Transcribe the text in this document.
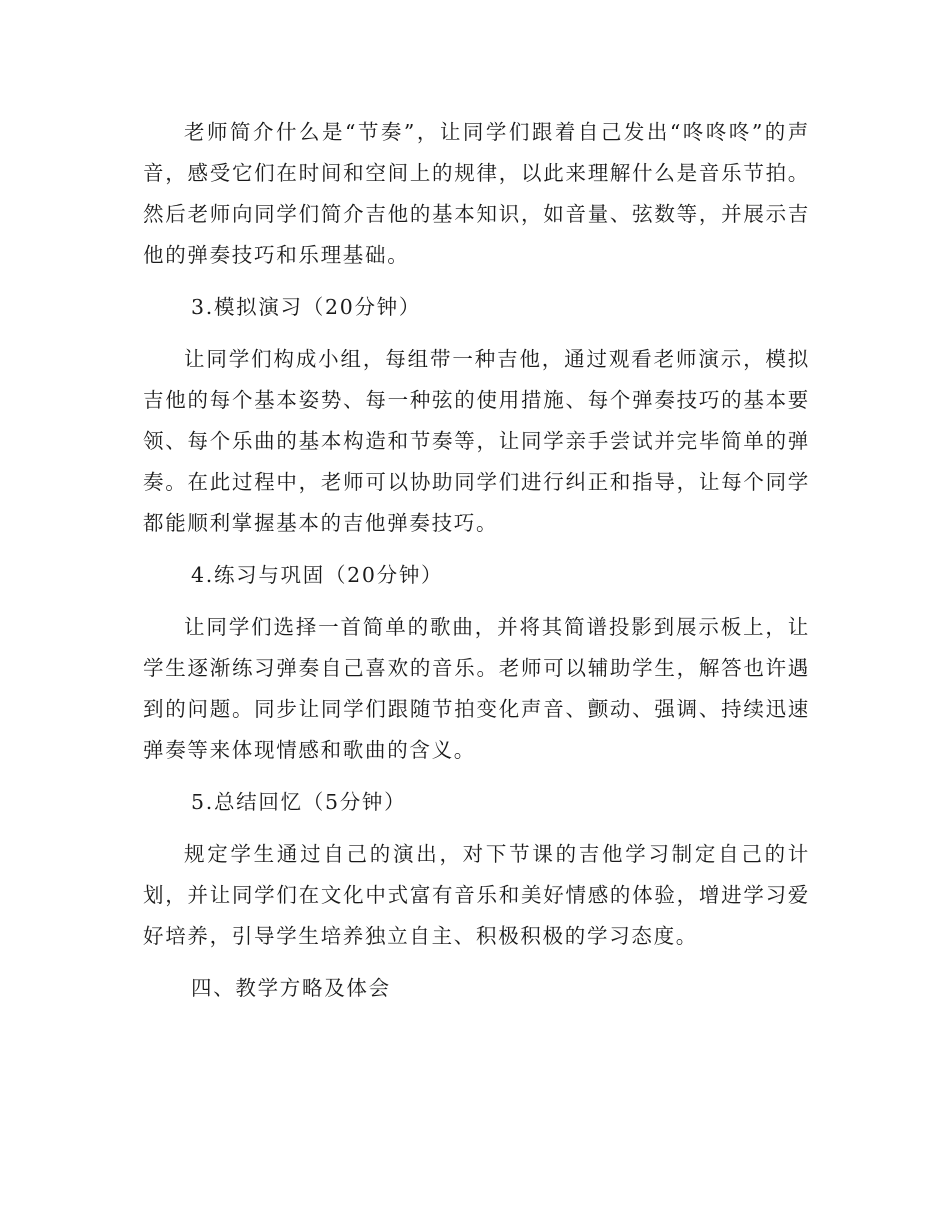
老师简介什么是“节奏”，让同学们跟着自己发出“咚咚咚”的声音，感受它们在时间和空间上的规律，以此来理解什么是音乐节拍。然后老师向同学们简介吉他的基本知识，如音量、弦数等，并展示吉他的弹奏技巧和乐理基础。

3.模拟演习（20分钟）

让同学们构成小组，每组带一种吉他，通过观看老师演示，模拟吉他的每个基本姿势、每一种弦的使用措施、每个弹奏技巧的基本要领、每个乐曲的基本构造和节奏等，让同学亲手尝试并完毕简单的弹奏。在此过程中，老师可以协助同学们进行纠正和指导，让每个同学都能顺利掌握基本的吉他弹奏技巧。

4.练习与巩固（20分钟）

让同学们选择一首简单的歌曲，并将其简谱投影到展示板上，让学生逐渐练习弹奏自己喜欢的音乐。老师可以辅助学生，解答也许遇到的问题。同步让同学们跟随节拍变化声音、颤动、强调、持续迅速弹奏等来体现情感和歌曲的含义。

5.总结回忆（5分钟）

规定学生通过自己的演出，对下节课的吉他学习制定自己的计划，并让同学们在文化中式富有音乐和美好情感的体验，增进学习爱好培养，引导学生培养独立自主、积极积极的学习态度。

四、教学方略及体会
